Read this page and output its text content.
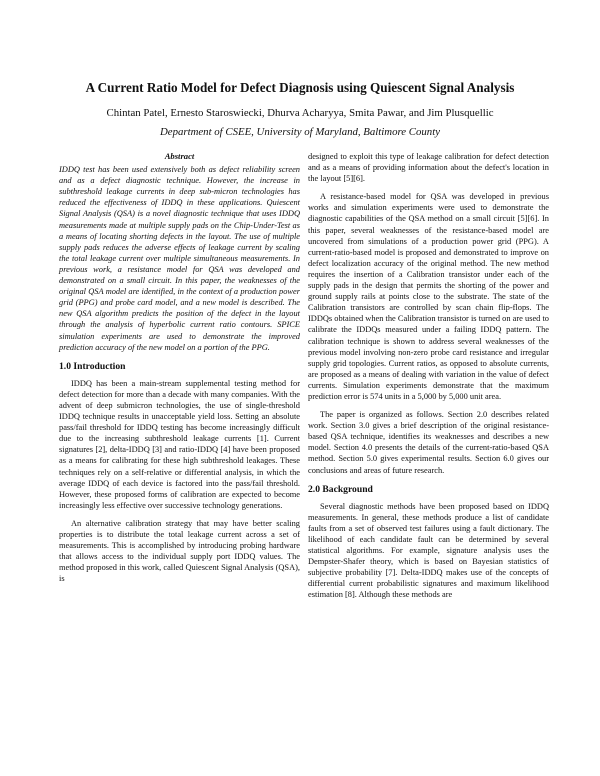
A Current Ratio Model for Defect Diagnosis using Quiescent Signal Analysis
Chintan Patel, Ernesto Staroswiecki, Dhurva Acharyya, Smita Pawar, and Jim Plusquellic
Department of CSEE, University of Maryland, Baltimore County
Abstract

IDDQ test has been used extensively both as defect reliability screen and as a defect diagnostic technique. However, the increase in subthreshold leakage currents in deep sub-micron technologies has reduced the effectiveness of IDDQ in these applications. Quiescent Signal Analysis (QSA) is a novel diagnostic technique that uses IDDQ measurements made at multiple supply pads on the Chip-Under-Test as a means of locating shorting defects in the layout. The use of multiple supply pads reduces the adverse effects of leakage current by scaling the total leakage current over multiple simultaneous measurements. In previous work, a resistance model for QSA was developed and demonstrated on a small circuit. In this paper, the weaknesses of the original QSA model are identified, in the context of a production power grid (PPG) and probe card model, and a new model is described. The new QSA algorithm predicts the position of the defect in the layout through the analysis of hyperbolic current ratio contours. SPICE simulation experiments are used to demonstrate the improved prediction accuracy of the new model on a portion of the PPG.

1.0 Introduction

IDDQ has been a main-stream supplemental testing method for defect detection for more than a decade with many companies. With the advent of deep submicron technologies, the use of single-threshold IDDQ technique results in unacceptable yield loss. Setting an absolute pass/fail threshold for IDDQ testing has become increasingly difficult due to the increasing subthreshold leakage currents [1]. Current signatures [2], delta-IDDQ [3] and ratio-IDDQ [4] have been proposed as a means for calibrating for these high subthreshold leakages. These techniques rely on a self-relative or differential analysis, in which the average IDDQ of each device is factored into the pass/fail threshold. However, these proposed forms of calibration are expected to become increasingly less effective over successive technology generations.

An alternative calibration strategy that may have better scaling properties is to distribute the total leakage current across a set of measurements. This is accomplished by introducing probing hardware that allows access to the individual supply port IDDQ values. The method proposed in this work, called Quiescent Signal Analysis (QSA), is

designed to exploit this type of leakage calibration for defect detection and as a means of providing information about the defect's location in the layout [5][6].

A resistance-based model for QSA was developed in previous works and simulation experiments were used to demonstrate the diagnostic capabilities of the QSA method on a small circuit [5][6]. In this paper, several weaknesses of the resistance-based model are uncovered from simulations of a production power grid (PPG). A current-ratio-based model is proposed and demonstrated to improve on defect localization accuracy of the original method. The new method requires the insertion of a Calibration transistor under each of the supply pads in the design that permits the shorting of the power and ground supply rails at points close to the substrate. The state of the Calibration transistors are controlled by scan chain flip-flops. The IDDQs obtained when the Calibration transistor is turned on are used to calibrate the IDDQs measured under a failing IDDQ pattern. The calibration technique is shown to address several weaknesses of the previous model involving non-zero probe card resistance and irregular supply grid topologies. Current ratios, as opposed to absolute currents, are proposed as a means of dealing with variation in the value of defect currents. Simulation experiments demonstrate that the maximum prediction error is 574 units in a 5,000 by 5,000 unit area.

The paper is organized as follows. Section 2.0 describes related work. Section 3.0 gives a brief description of the original resistance-based QSA technique, identifies its weaknesses and describes a new model. Section 4.0 presents the details of the current-ratio-based QSA method. Section 5.0 gives experimental results. Section 6.0 gives our conclusions and areas of future research.

2.0 Background

Several diagnostic methods have been proposed based on IDDQ measurements. In general, these methods produce a list of candidate faults from a set of observed test failures using a fault dictionary. The likelihood of each candidate fault can be determined by several statistical algorithms. For example, signature analysis uses the Dempster-Shafer theory, which is based on Bayesian statistics of subjective probability [7]. Delta-IDDQ makes use of the concepts of differential current probabilistic signatures and maximum likelihood estimation [8]. Although these methods are
